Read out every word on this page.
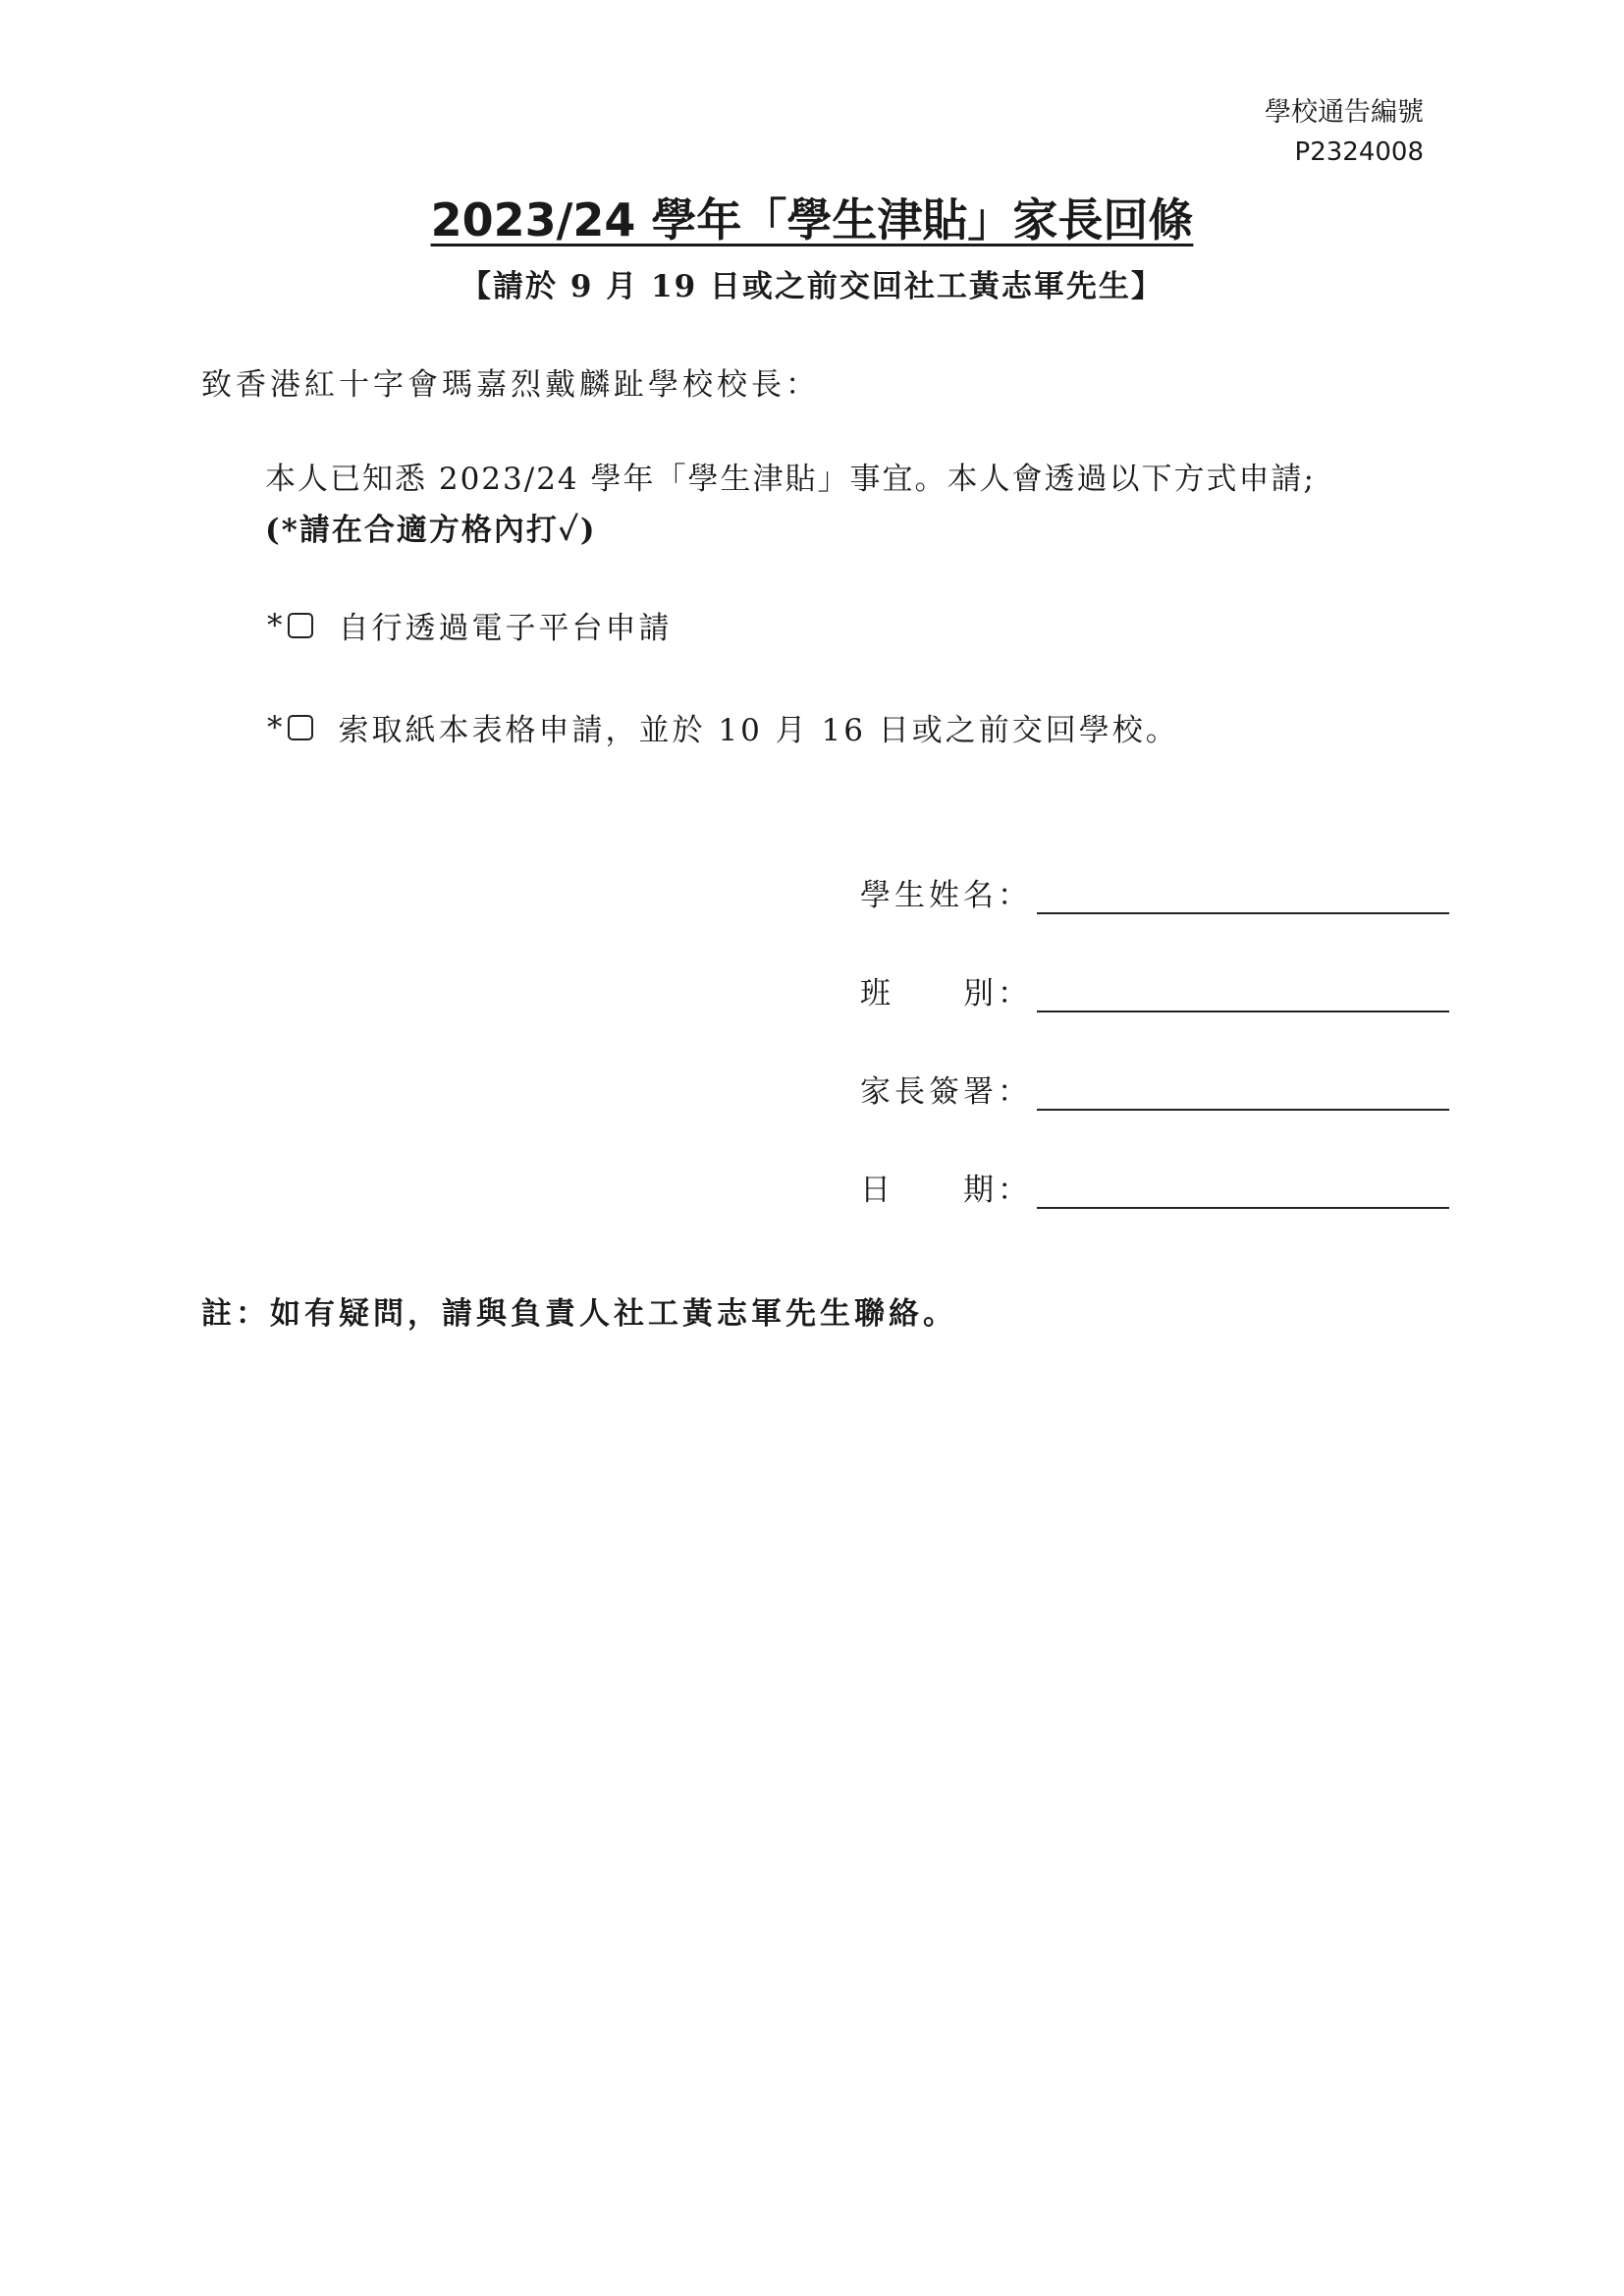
學校通告編號
P2324008
2023/24 學年「學生津貼」家長回條
【請於 9 月 19 日或之前交回社工黃志軍先生】
致香港紅十字會瑪嘉烈戴麟趾學校校長：
本人已知悉 2023/24 學年「學生津貼」事宜。本人會透過以下方式申請;
(*請在合適方格內打✓)
* 自行透過電子平台申請
* 索取紙本表格申請，並於 10 月 16 日或之前交回學校。
學生姓名：
班　　別：
家長簽署：
日　　期：
註：如有疑問，請與負責人社工黃志軍先生聯絡。
